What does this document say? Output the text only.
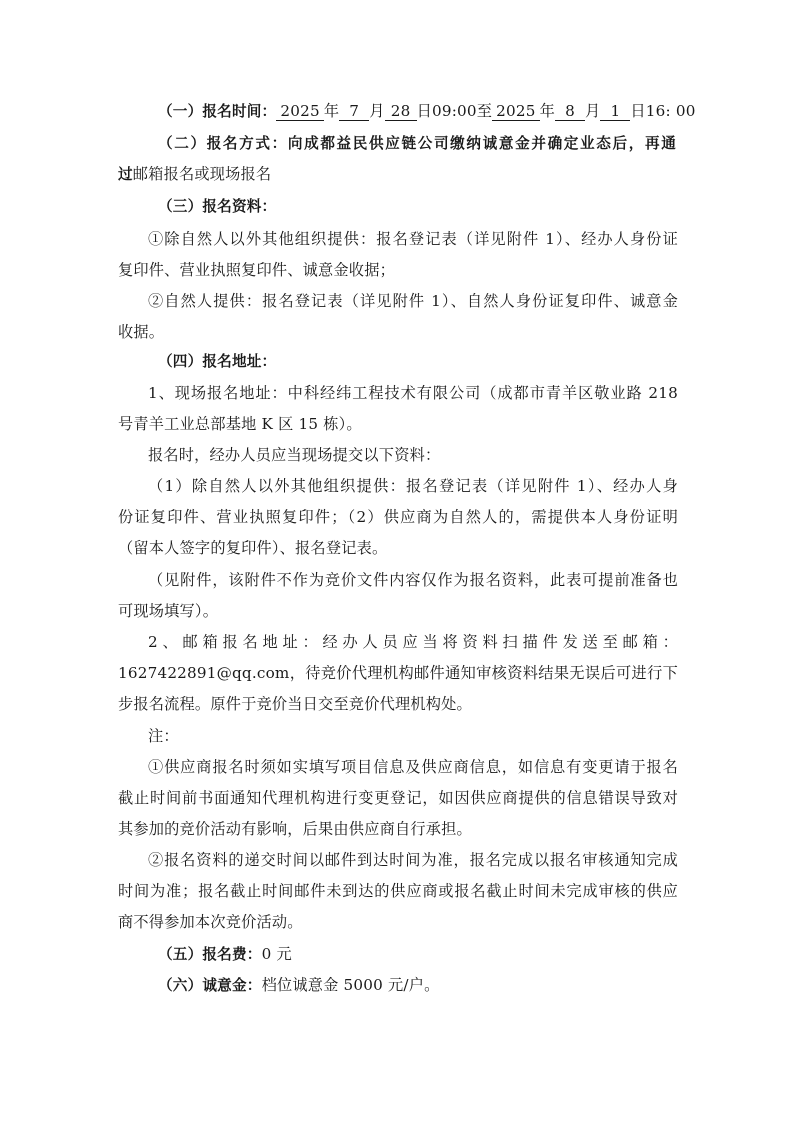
（一）报名时间： 2025 年 7 月 28 日09:00至 2025 年 8 月 1 日16: 00
（二）报名方式：向成都益民供应链公司缴纳诚意金并确定业态后，再通
过邮箱报名或现场报名
（三）报名资料：
①除自然人以外其他组织提供：报名登记表（详见附件 1）、经办人身份证
复印件、营业执照复印件、诚意金收据；
②自然人提供：报名登记表（详见附件 1）、自然人身份证复印件、诚意金
收据。
（四）报名地址：
1、现场报名地址：中科经纬工程技术有限公司（成都市青羊区敬业路 218
号青羊工业总部基地 K 区 15 栋）。
报名时，经办人员应当现场提交以下资料：
（1）除自然人以外其他组织提供：报名登记表（详见附件 1）、经办人身
份证复印件、营业执照复印件；（2）供应商为自然人的，需提供本人身份证明
（留本人签字的复印件）、报名登记表。
（见附件，该附件不作为竞价文件内容仅作为报名资料，此表可提前准备也
可现场填写）。
2、邮箱报名地址：经办人员应当将资料扫描件发送至邮箱：
1627422891@qq.com，待竞价代理机构邮件通知审核资料结果无误后可进行下
步报名流程。原件于竞价当日交至竞价代理机构处。
注：
①供应商报名时须如实填写项目信息及供应商信息，如信息有变更请于报名
截止时间前书面通知代理机构进行变更登记，如因供应商提供的信息错误导致对
其参加的竞价活动有影响，后果由供应商自行承担。
②报名资料的递交时间以邮件到达时间为准，报名完成以报名审核通知完成
时间为准；报名截止时间邮件未到达的供应商或报名截止时间未完成审核的供应
商不得参加本次竞价活动。
（五）报名费：0 元
（六）诚意金：档位诚意金 5000 元/户。
